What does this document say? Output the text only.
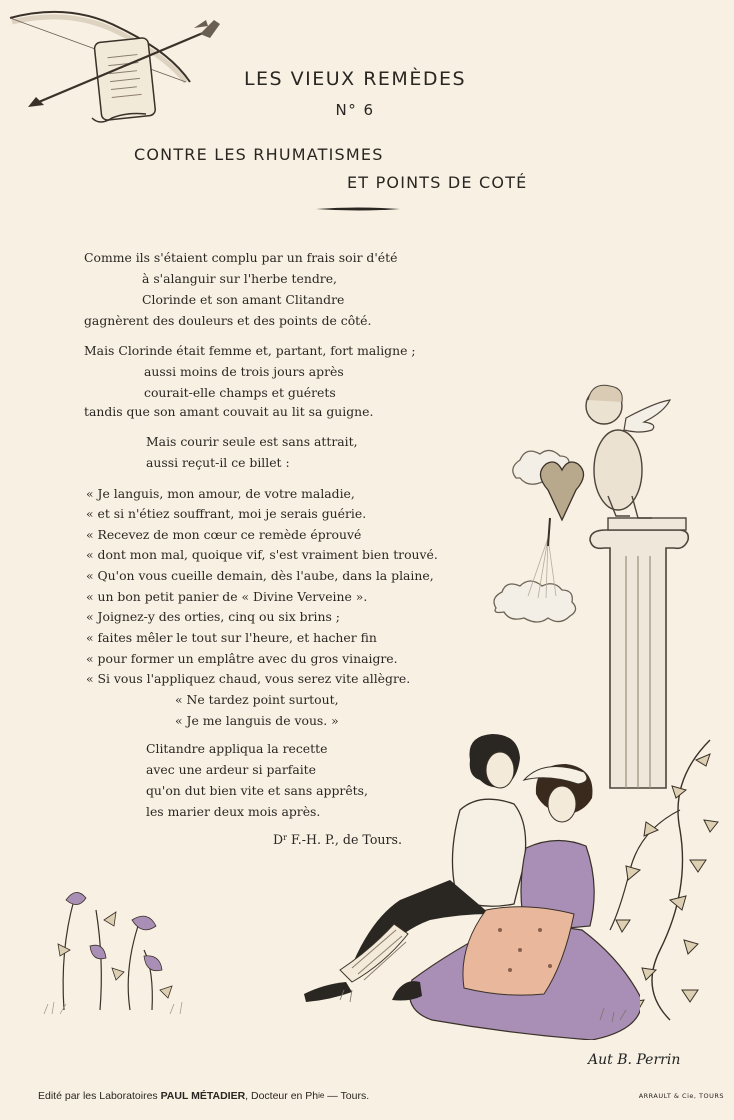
LES VIEUX REMÈDES
N° 6
CONTRE LES RHUMATISMES
ET POINTS DE COTÉ
Comme ils s'étaient complu par un frais soir d'été
à s'alanguir sur l'herbe tendre,
Clorinde et son amant Clitandre
gagnèrent des douleurs et des points de côté.
Mais Clorinde était femme et, partant, fort maligne ;
aussi moins de trois jours après
courait-elle champs et guérets
tandis que son amant couvait au lit sa guigne.
Mais courir seule est sans attrait,
aussi reçut-il ce billet :
« Je languis, mon amour, de votre maladie,
« et si n'étiez souffrant, moi je serais guérie.
« Recevez de mon cœur ce remède éprouvé
« dont mon mal, quoique vif, s'est vraiment bien trouvé.
« Qu'on vous cueille demain, dès l'aube, dans la plaine,
« un bon petit panier de « Divine Verveine ».
« Joignez-y des orties, cinq ou six brins ;
« faites mêler le tout sur l'heure, et hacher fin
« pour former un emplâtre avec du gros vinaigre.
« Si vous l'appliquez chaud, vous serez vite allègre.
« Ne tardez point surtout,
« Je me languis de vous. »
Clitandre appliqua la recette
avec une ardeur si parfaite
qu'on dut bien vite et sans apprêts,
les marier deux mois après.
$D^r$ F.-H. P., de Tours.
Aut B. Perrin
Edité par les Laboratoires PAUL MÉTADIER, Docteur en $Ph^{ie}$ — Tours.	ARRAULT & Cie, TOURS
